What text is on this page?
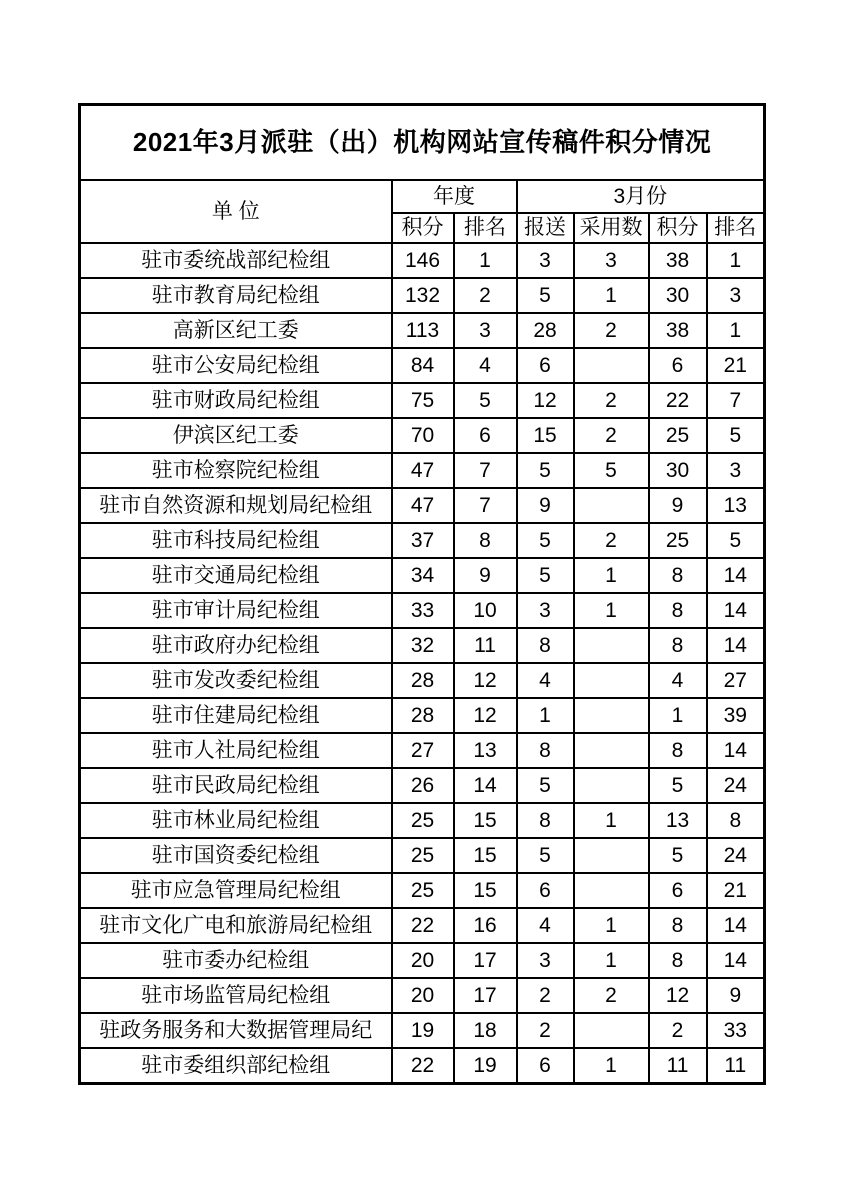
2021年3月派驻（出）机构网站宣传稿件积分情况						
单 位	年度		3月份			
	积分	排名	报送	采用数	积分	排名
驻市委统战部纪检组	146	1	3	3	38	1
驻市教育局纪检组	132	2	5	1	30	3
高新区纪工委	113	3	28	2	38	1
驻市公安局纪检组	84	4	6		6	21
驻市财政局纪检组	75	5	12	2	22	7
伊滨区纪工委	70	6	15	2	25	5
驻市检察院纪检组	47	7	5	5	30	3
驻市自然资源和规划局纪检组	47	7	9		9	13
驻市科技局纪检组	37	8	5	2	25	5
驻市交通局纪检组	34	9	5	1	8	14
驻市审计局纪检组	33	10	3	1	8	14
驻市政府办纪检组	32	11	8		8	14
驻市发改委纪检组	28	12	4		4	27
驻市住建局纪检组	28	12	1		1	39
驻市人社局纪检组	27	13	8		8	14
驻市民政局纪检组	26	14	5		5	24
驻市林业局纪检组	25	15	8	1	13	8
驻市国资委纪检组	25	15	5		5	24
驻市应急管理局纪检组	25	15	6		6	21
驻市文化广电和旅游局纪检组	22	16	4	1	8	14
驻市委办纪检组	20	17	3	1	8	14
驻市场监管局纪检组	20	17	2	2	12	9
驻政务服务和大数据管理局纪	19	18	2		2	33
驻市委组织部纪检组	22	19	6	1	11	11
